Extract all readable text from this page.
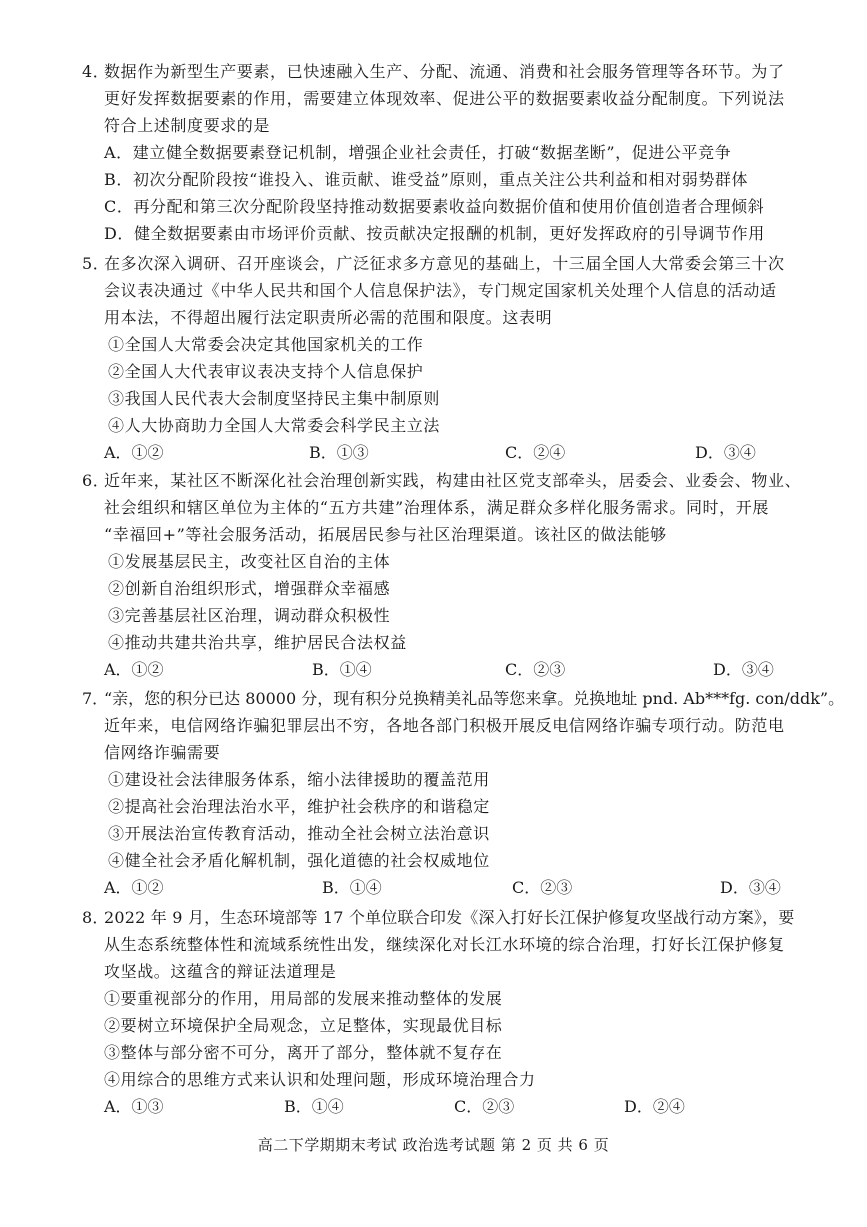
4．数据作为新型生产要素，已快速融入生产、分配、流通、消费和社会服务管理等各环节。为了
更好发挥数据要素的作用，需要建立体现效率、促进公平的数据要素收益分配制度。下列说法
符合上述制度要求的是
A．建立健全数据要素登记机制，增强企业社会责任，打破“数据垄断”，促进公平竞争
B．初次分配阶段按“谁投入、谁贡献、谁受益”原则，重点关注公共利益和相对弱势群体
C．再分配和第三次分配阶段坚持推动数据要素收益向数据价值和使用价值创造者合理倾斜
D．健全数据要素由市场评价贡献、按贡献决定报酬的机制，更好发挥政府的引导调节作用
5．在多次深入调研、召开座谈会，广泛征求多方意见的基础上，十三届全国人大常委会第三十次
会议表决通过《中华人民共和国个人信息保护法》，专门规定国家机关处理个人信息的活动适
用本法，不得超出履行法定职责所必需的范围和限度。这表明
①全国人大常委会决定其他国家机关的工作
②全国人大代表审议表决支持个人信息保护
③我国人民代表大会制度坚持民主集中制原则
④人大协商助力全国人大常委会科学民主立法
A．①②	B．①③	C．②④	D．③④
6．近年来，某社区不断深化社会治理创新实践，构建由社区党支部牵头，居委会、业委会、物业、
社会组织和辖区单位为主体的“五方共建”治理体系，满足群众多样化服务需求。同时，开展
“幸福回+”等社会服务活动，拓展居民参与社区治理渠道。该社区的做法能够
①发展基层民主，改变社区自治的主体
②创新自治组织形式，增强群众幸福感
③完善基层社区治理，调动群众积极性
④推动共建共治共享，维护居民合法权益
A．①②	B．①④	C．②③	D．③④
7．“亲，您的积分已达 80000 分，现有积分兑换精美礼品等您来拿。兑换地址 pnd. Ab***fg. con/ddk”。
近年来，电信网络诈骗犯罪层出不穷，各地各部门积极开展反电信网络诈骗专项行动。防范电
信网络诈骗需要
①建设社会法律服务体系，缩小法律援助的覆盖范用
②提高社会治理法治水平，维护社会秩序的和谐稳定
③开展法治宣传教育活动，推动全社会树立法治意识
④健全社会矛盾化解机制，强化道德的社会权威地位
A．①②	B．①④	C．②③	D．③④
8．2022 年 9 月，生态环境部等 17 个单位联合印发《深入打好长江保护修复攻坚战行动方案》，要
从生态系统整体性和流域系统性出发，继续深化对长江水环境的综合治理，打好长江保护修复
攻坚战。这蕴含的辩证法道理是
①要重视部分的作用，用局部的发展来推动整体的发展
②要树立环境保护全局观念，立足整体，实现最优目标
③整体与部分密不可分，离开了部分，整体就不复存在
④用综合的思维方式来认识和处理问题，形成环境治理合力
A．①③	B．①④	C．②③	D．②④
高二下学期期末考试 政治选考试题 第 2 页 共 6 页
